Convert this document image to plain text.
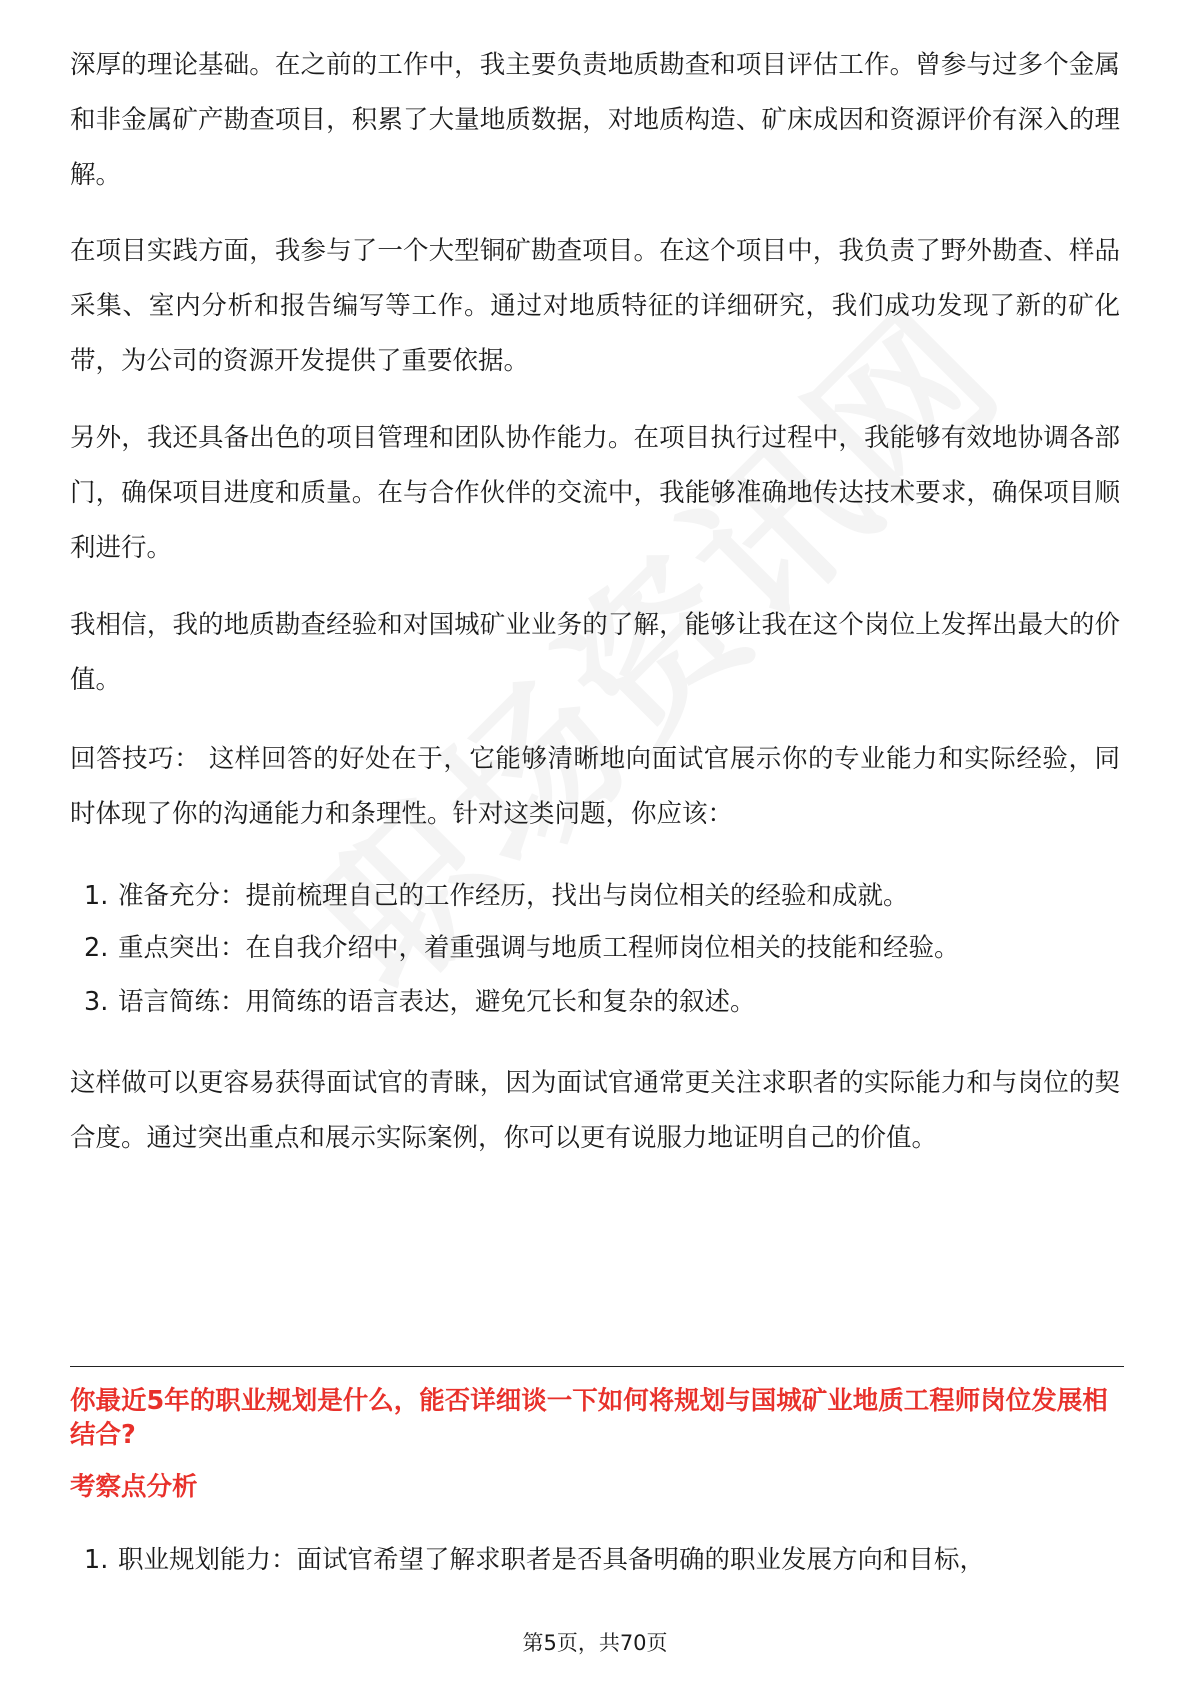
深厚的理论基础。在之前的工作中，我主要负责地质勘查和项目评估工作。曾参与过多个金属和非金属矿产勘查项目，积累了大量地质数据，对地质构造、矿床成因和资源评价有深入的理解。

在项目实践方面，我参与了一个大型铜矿勘查项目。在这个项目中，我负责了野外勘查、样品采集、室内分析和报告编写等工作。通过对地质特征的详细研究，我们成功发现了新的矿化带，为公司的资源开发提供了重要依据。

另外，我还具备出色的项目管理和团队协作能力。在项目执行过程中，我能够有效地协调各部门，确保项目进度和质量。在与合作伙伴的交流中，我能够准确地传达技术要求，确保项目顺利进行。

我相信，我的地质勘查经验和对国城矿业业务的了解，能够让我在这个岗位上发挥出最大的价值。

回答技巧： 这样回答的好处在于，它能够清晰地向面试官展示你的专业能力和实际经验，同时体现了你的沟通能力和条理性。针对这类问题，你应该：

1. 准备充分：提前梳理自己的工作经历，找出与岗位相关的经验和成就。
2. 重点突出：在自我介绍中，着重强调与地质工程师岗位相关的技能和经验。
3. 语言简练：用简练的语言表达，避免冗长和复杂的叙述。

这样做可以更容易获得面试官的青睐，因为面试官通常更关注求职者的实际能力和与岗位的契合度。通过突出重点和展示实际案例，你可以更有说服力地证明自己的价值。

你最近5年的职业规划是什么，能否详细谈一下如何将规划与国城矿业地质工程师岗位发展相结合?

考察点分析

1. 职业规划能力：面试官希望了解求职者是否具备明确的职业发展方向和目标，
第5页，共70页
